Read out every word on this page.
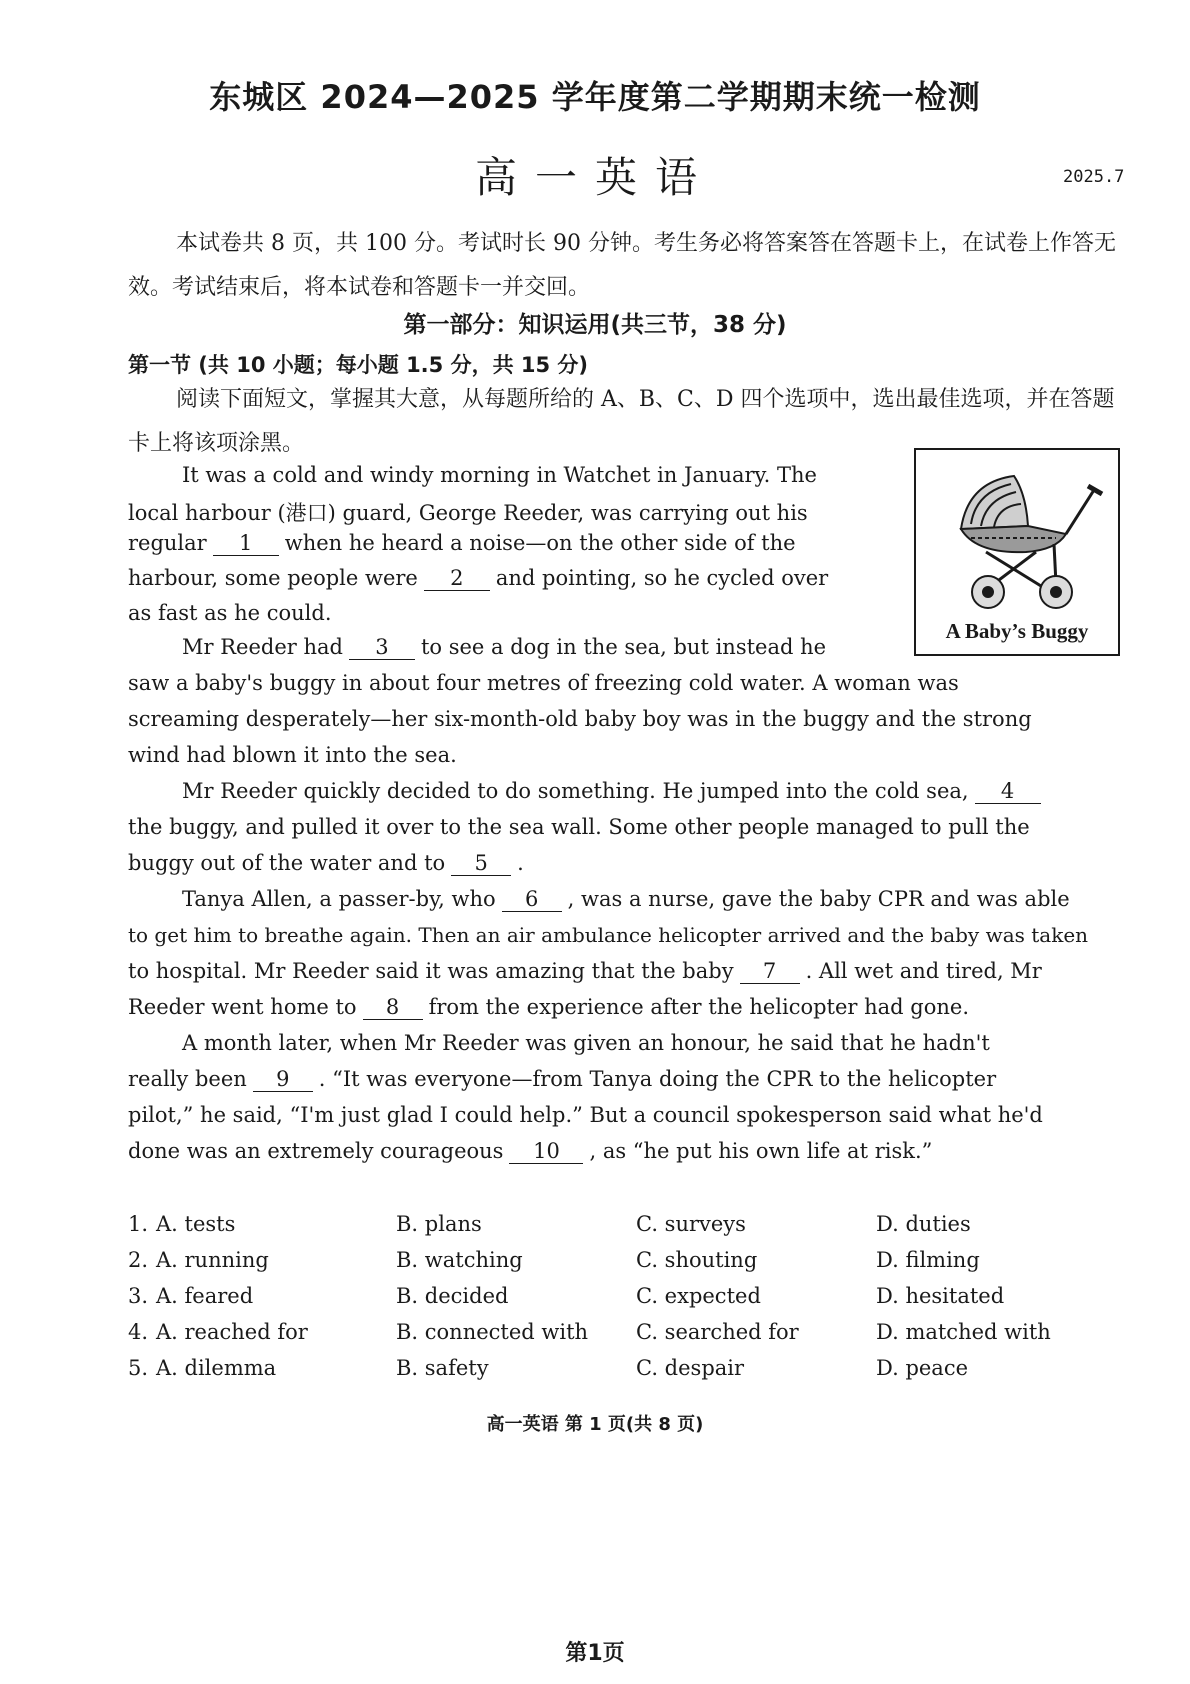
东城区 2024—2025 学年度第二学期期末统一检测
高一英语	2025.7
本试卷共 8 页，共 100 分。考试时长 90 分钟。考生务必将答案答在答题卡上，在试卷上作答无效。考试结束后，将本试卷和答题卡一并交回。
第一部分：知识运用(共三节，38 分)
第一节 (共 10 小题；每小题 1.5 分，共 15 分)
阅读下面短文，掌握其大意，从每题所给的 A、B、C、D 四个选项中，选出最佳选项，并在答题卡上将该项涂黑。
A Baby’s Buggy
It was a cold and windy morning in Watchet in January. The
local harbour (港口) guard, George Reeder, was carrying out his
regular 1 when he heard a noise—on the other side of the
harbour, some people were 2 and pointing, so he cycled over
as fast as he could.
Mr Reeder had 3 to see a dog in the sea, but instead he
saw a baby's buggy in about four metres of freezing cold water. A woman was
screaming desperately—her six-month-old baby boy was in the buggy and the strong
wind had blown it into the sea.
Mr Reeder quickly decided to do something. He jumped into the cold sea, 4
the buggy, and pulled it over to the sea wall. Some other people managed to pull the
buggy out of the water and to 5 .
Tanya Allen, a passer-by, who 6 , was a nurse, gave the baby CPR and was able
to get him to breathe again. Then an air ambulance helicopter arrived and the baby was taken
to hospital. Mr Reeder said it was amazing that the baby 7 . All wet and tired, Mr
Reeder went home to 8 from the experience after the helicopter had gone.
A month later, when Mr Reeder was given an honour, he said that he hadn't
really been 9 . “It was everyone—from Tanya doing the CPR to the helicopter
pilot,” he said, “I'm just glad I could help.” But a council spokesperson said what he'd
done was an extremely courageous 10 , as “he put his own life at risk.”
1. A. tests	B. plans	C. surveys	D. duties
2. A. running	B. watching	C. shouting	D. filming
3. A. feared	B. decided	C. expected	D. hesitated
4. A. reached for	B. connected with C. searched for	D. matched with
5. A. dilemma	B. safety	C. despair	D. peace
高一英语 第 1 页(共 8 页)
第1页
